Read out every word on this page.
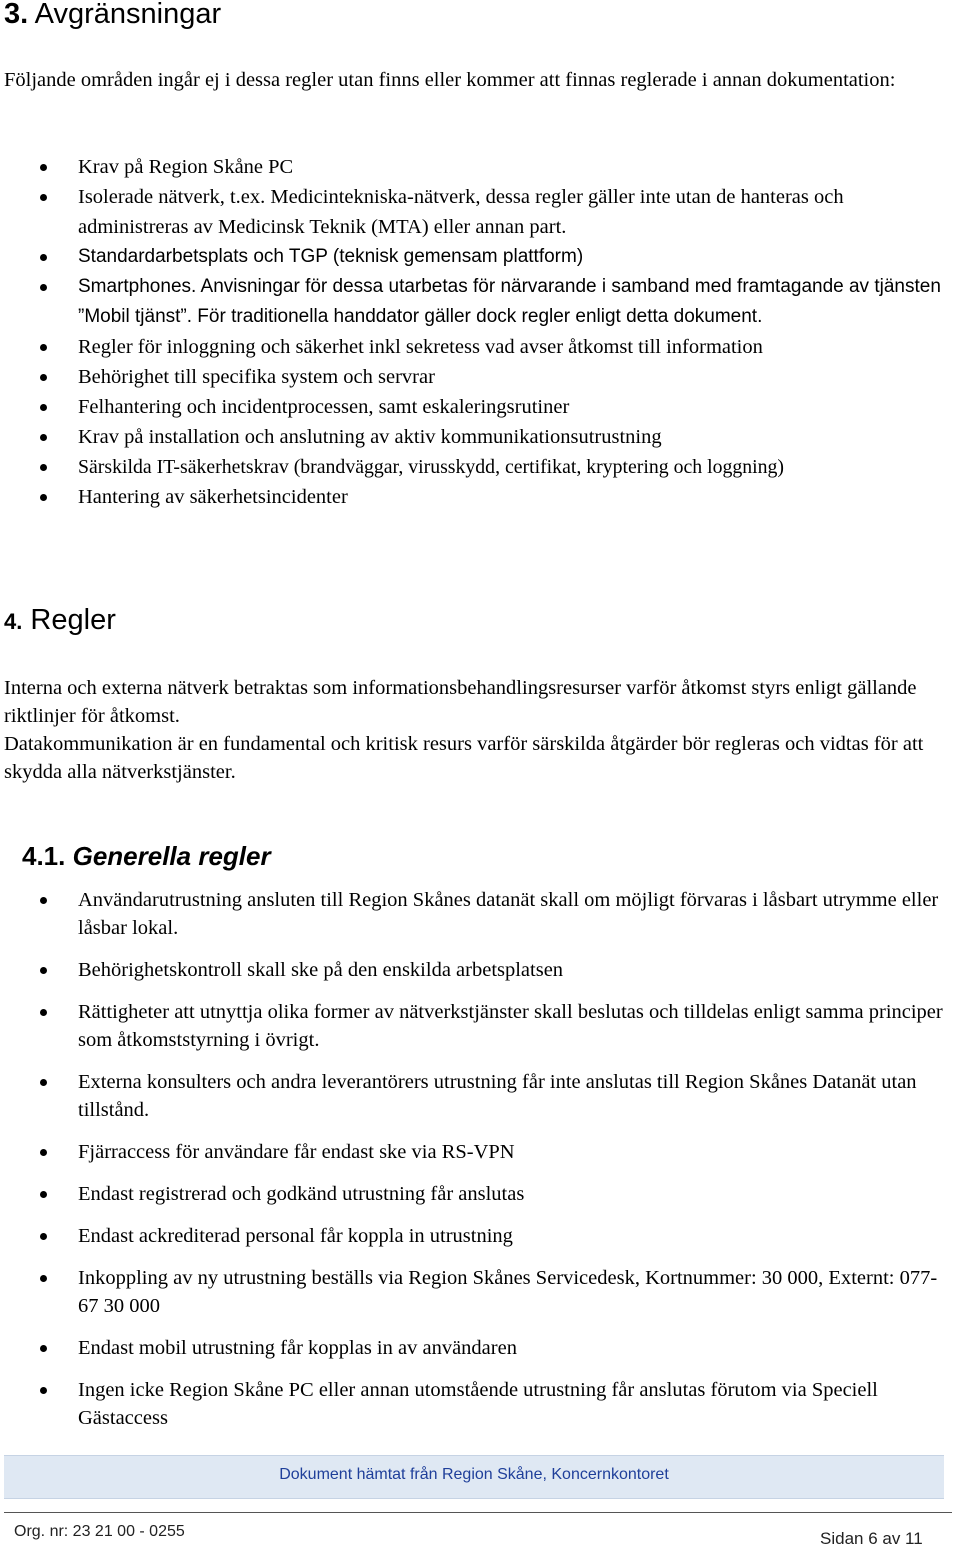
3. Avgränsningar
Följande områden ingår ej i dessa regler utan finns eller kommer att finnas reglerade i annan dokumentation:
Krav på Region Skåne PC
Isolerade nätverk, t.ex. Medicintekniska-nätverk, dessa regler gäller inte utan de hanteras och administreras av Medicinsk Teknik (MTA) eller annan part.
Standardarbetsplats och TGP (teknisk gemensam plattform)
Smartphones. Anvisningar för dessa utarbetas för närvarande i samband med framtagande av tjänsten ”Mobil tjänst”. För traditionella handdator gäller dock regler enligt detta dokument.
Regler för inloggning och säkerhet inkl sekretess vad avser åtkomst till information
Behörighet till specifika system och servrar
Felhantering och incidentprocessen, samt eskaleringsrutiner
Krav på installation och anslutning av aktiv kommunikationsutrustning
Särskilda IT-säkerhetskrav (brandväggar, virusskydd, certifikat, kryptering och loggning)
Hantering av säkerhetsincidenter
4. Regler
Interna och externa nätverk betraktas som informationsbehandlingsresurser varför åtkomst styrs enligt gällande riktlinjer för åtkomst.
Datakommunikation är en fundamental och kritisk resurs varför särskilda åtgärder bör regleras och vidtas för att skydda alla nätverkstjänster.
4.1. Generella regler
Användarutrustning ansluten till Region Skånes datanät skall om möjligt förvaras i låsbart utrymme eller låsbar lokal.
Behörighetskontroll skall ske på den enskilda arbetsplatsen
Rättigheter att utnyttja olika former av nätverkstjänster skall beslutas och tilldelas enligt samma principer som åtkomststyrning i övrigt.
Externa konsulters och andra leverantörers utrustning får inte anslutas till Region Skånes Datanät utan tillstånd.
Fjärraccess för användare får endast ske via RS-VPN
Endast registrerad och godkänd utrustning får anslutas
Endast ackrediterad personal får koppla in utrustning
Inkoppling av ny utrustning beställs via Region Skånes Servicedesk, Kortnummer: 30 000, Externt: 077-67 30 000
Endast mobil utrustning får kopplas in av användaren
Ingen icke Region Skåne PC eller annan utomstående utrustning får anslutas förutom via Speciell Gästaccess
Dokument hämtat från Region Skåne, Koncernkontoret
Org. nr: 23 21 00 - 0255	Sidan 6 av 11
